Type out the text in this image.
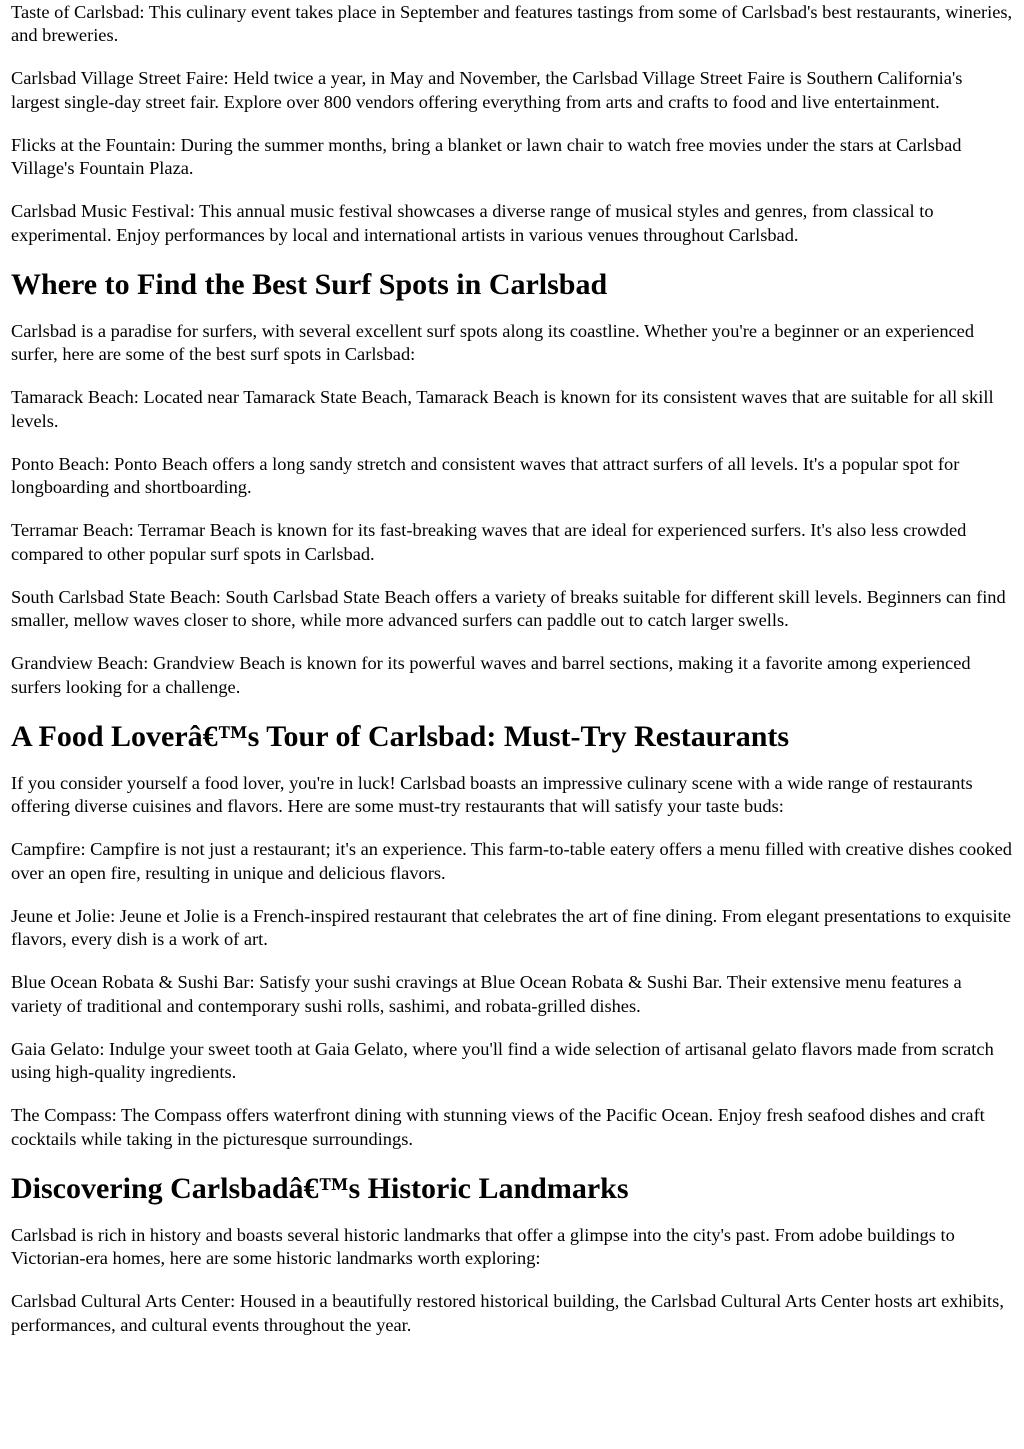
Taste of Carlsbad: This culinary event takes place in September and features tastings from some of Carlsbad's best restaurants, wineries, and breweries.

Carlsbad Village Street Faire: Held twice a year, in May and November, the Carlsbad Village Street Faire is Southern California's largest single-day street fair. Explore over 800 vendors offering everything from arts and crafts to food and live entertainment.

Flicks at the Fountain: During the summer months, bring a blanket or lawn chair to watch free movies under the stars at Carlsbad Village's Fountain Plaza.

Carlsbad Music Festival: This annual music festival showcases a diverse range of musical styles and genres, from classical to experimental. Enjoy performances by local and international artists in various venues throughout Carlsbad.

Where to Find the Best Surf Spots in Carlsbad

Carlsbad is a paradise for surfers, with several excellent surf spots along its coastline. Whether you're a beginner or an experienced surfer, here are some of the best surf spots in Carlsbad:

Tamarack Beach: Located near Tamarack State Beach, Tamarack Beach is known for its consistent waves that are suitable for all skill levels.

Ponto Beach: Ponto Beach offers a long sandy stretch and consistent waves that attract surfers of all levels. It's a popular spot for longboarding and shortboarding.

Terramar Beach: Terramar Beach is known for its fast-breaking waves that are ideal for experienced surfers. It's also less crowded compared to other popular surf spots in Carlsbad.

South Carlsbad State Beach: South Carlsbad State Beach offers a variety of breaks suitable for different skill levels. Beginners can find smaller, mellow waves closer to shore, while more advanced surfers can paddle out to catch larger swells.

Grandview Beach: Grandview Beach is known for its powerful waves and barrel sections, making it a favorite among experienced surfers looking for a challenge.

A Food Loverâ€™s Tour of Carlsbad: Must-Try Restaurants

If you consider yourself a food lover, you're in luck! Carlsbad boasts an impressive culinary scene with a wide range of restaurants offering diverse cuisines and flavors. Here are some must-try restaurants that will satisfy your taste buds:

Campfire: Campfire is not just a restaurant; it's an experience. This farm-to-table eatery offers a menu filled with creative dishes cooked over an open fire, resulting in unique and delicious flavors.

Jeune et Jolie: Jeune et Jolie is a French-inspired restaurant that celebrates the art of fine dining. From elegant presentations to exquisite flavors, every dish is a work of art.

Blue Ocean Robata & Sushi Bar: Satisfy your sushi cravings at Blue Ocean Robata & Sushi Bar. Their extensive menu features a variety of traditional and contemporary sushi rolls, sashimi, and robata-grilled dishes.

Gaia Gelato: Indulge your sweet tooth at Gaia Gelato, where you'll find a wide selection of artisanal gelato flavors made from scratch using high-quality ingredients.

The Compass: The Compass offers waterfront dining with stunning views of the Pacific Ocean. Enjoy fresh seafood dishes and craft cocktails while taking in the picturesque surroundings.

Discovering Carlsbadâ€™s Historic Landmarks

Carlsbad is rich in history and boasts several historic landmarks that offer a glimpse into the city's past. From adobe buildings to Victorian-era homes, here are some historic landmarks worth exploring:

Carlsbad Cultural Arts Center: Housed in a beautifully restored historical building, the Carlsbad Cultural Arts Center hosts art exhibits, performances, and cultural events throughout the year.
